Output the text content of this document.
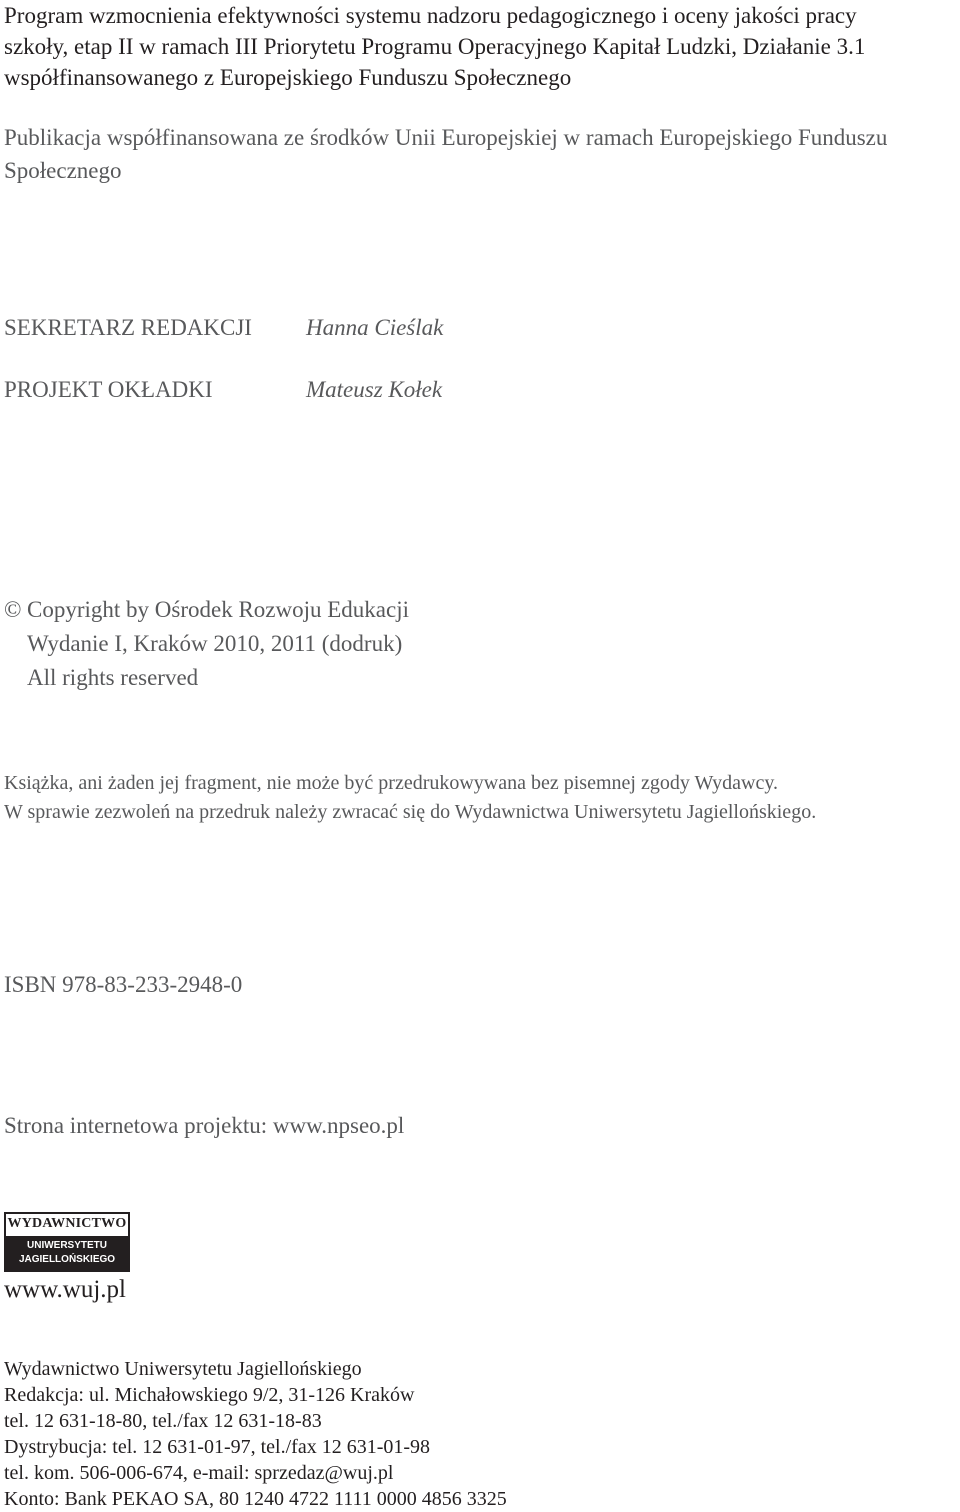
Program wzmocnienia efektywności systemu nadzoru pedagogicznego i oceny jakości pracy
szkoły, etap II w ramach III Priorytetu Programu Operacyjnego Kapitał Ludzki, Działanie 3.1
współfinansowanego z Europejskiego Funduszu Społecznego
Publikacja współfinansowana ze środków Unii Europejskiej w ramach Europejskiego Funduszu
Społecznego
SEKRETARZ REDAKCJI Hanna Cieślak
PROJEKT OKŁADKI	Mateusz Kołek
© Copyright by Ośrodek Rozwoju Edukacji
Wydanie I, Kraków 2010, 2011 (dodruk)
All rights reserved
Książka, ani żaden jej fragment, nie może być przedrukowywana bez pisemnej zgody Wydawcy.
W sprawie zezwoleń na przedruk należy zwracać się do Wydawnictwa Uniwersytetu Jagiellońskiego.
ISBN 978-83-233-2948-0
Strona internetowa projektu: www.npseo.pl
WYDAWNICTWO
UNIWERSYTETU
JAGIELLOŃSKIEGO
www.wuj.pl
Wydawnictwo Uniwersytetu Jagiellońskiego
Redakcja: ul. Michałowskiego 9/2, 31-126 Kraków
tel. 12 631-18-80, tel./fax 12 631-18-83
Dystrybucja: tel. 12 631-01-97, tel./fax 12 631-01-98
tel. kom. 506-006-674, e-mail: sprzedaz@wuj.pl
Konto: Bank PEKAO SA, 80 1240 4722 1111 0000 4856 3325
